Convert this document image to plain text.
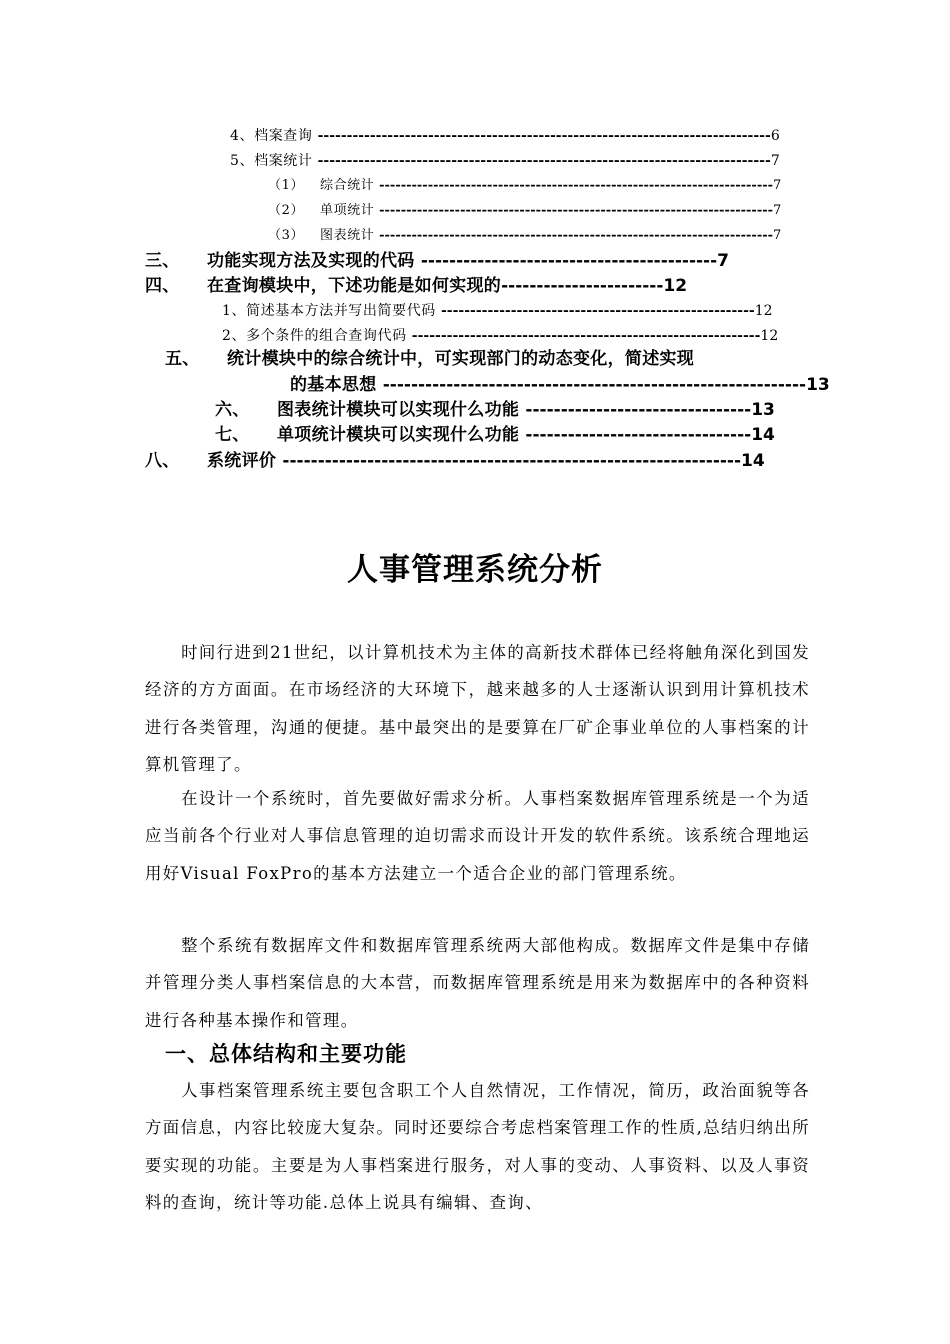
4、档案查询 ------------------------------------------------------------------------------6
5、档案统计 ------------------------------------------------------------------------------7
（1） 综合统计 -------------------------------------------------------------------------7
（2） 单项统计 -------------------------------------------------------------------------7
（3） 图表统计 -------------------------------------------------------------------------7
三、 功能实现方法及实现的代码 ------------------------------------------7
四、 在查询模块中，下述功能是如何实现的-----------------------12
1、简述基本方法并写出简要代码 ------------------------------------------------------12
2、多个条件的组合查询代码 ------------------------------------------------------------12
五、 统计模块中的综合统计中，可实现部门的动态变化，简述实现
的基本思想 ------------------------------------------------------------13
六、 图表统计模块可以实现什么功能 --------------------------------13
七、 单项统计模块可以实现什么功能 --------------------------------14
八、 系统评价 -----------------------------------------------------------------14
人事管理系统分析

时间行进到21世纪，以计算机技术为主体的高新技术群体已经将触角深化到国发经济的方方面面。在市场经济的大环境下，越来越多的人士逐渐认识到用计算机技术进行各类管理，沟通的便捷。基中最突出的是要算在厂矿企事业单位的人事档案的计算机管理了。

在设计一个系统时，首先要做好需求分析。人事档案数据库管理系统是一个为适应当前各个行业对人事信息管理的迫切需求而设计开发的软件系统。该系统合理地运用好Visual FoxPro的基本方法建立一个适合企业的部门管理系统。

整个系统有数据库文件和数据库管理系统两大部他构成。数据库文件是集中存储并管理分类人事档案信息的大本营，而数据库管理系统是用来为数据库中的各种资料进行各种基本操作和管理。

一、总体结构和主要功能

人事档案管理系统主要包含职工个人自然情况，工作情况，简历，政治面貌等各方面信息，内容比较庞大复杂。同时还要综合考虑档案管理工作的性质,总结归纳出所要实现的功能。主要是为人事档案进行服务，对人事的变动、人事资料、以及人事资料的查询，统计等功能.总体上说具有编辑、查询、
